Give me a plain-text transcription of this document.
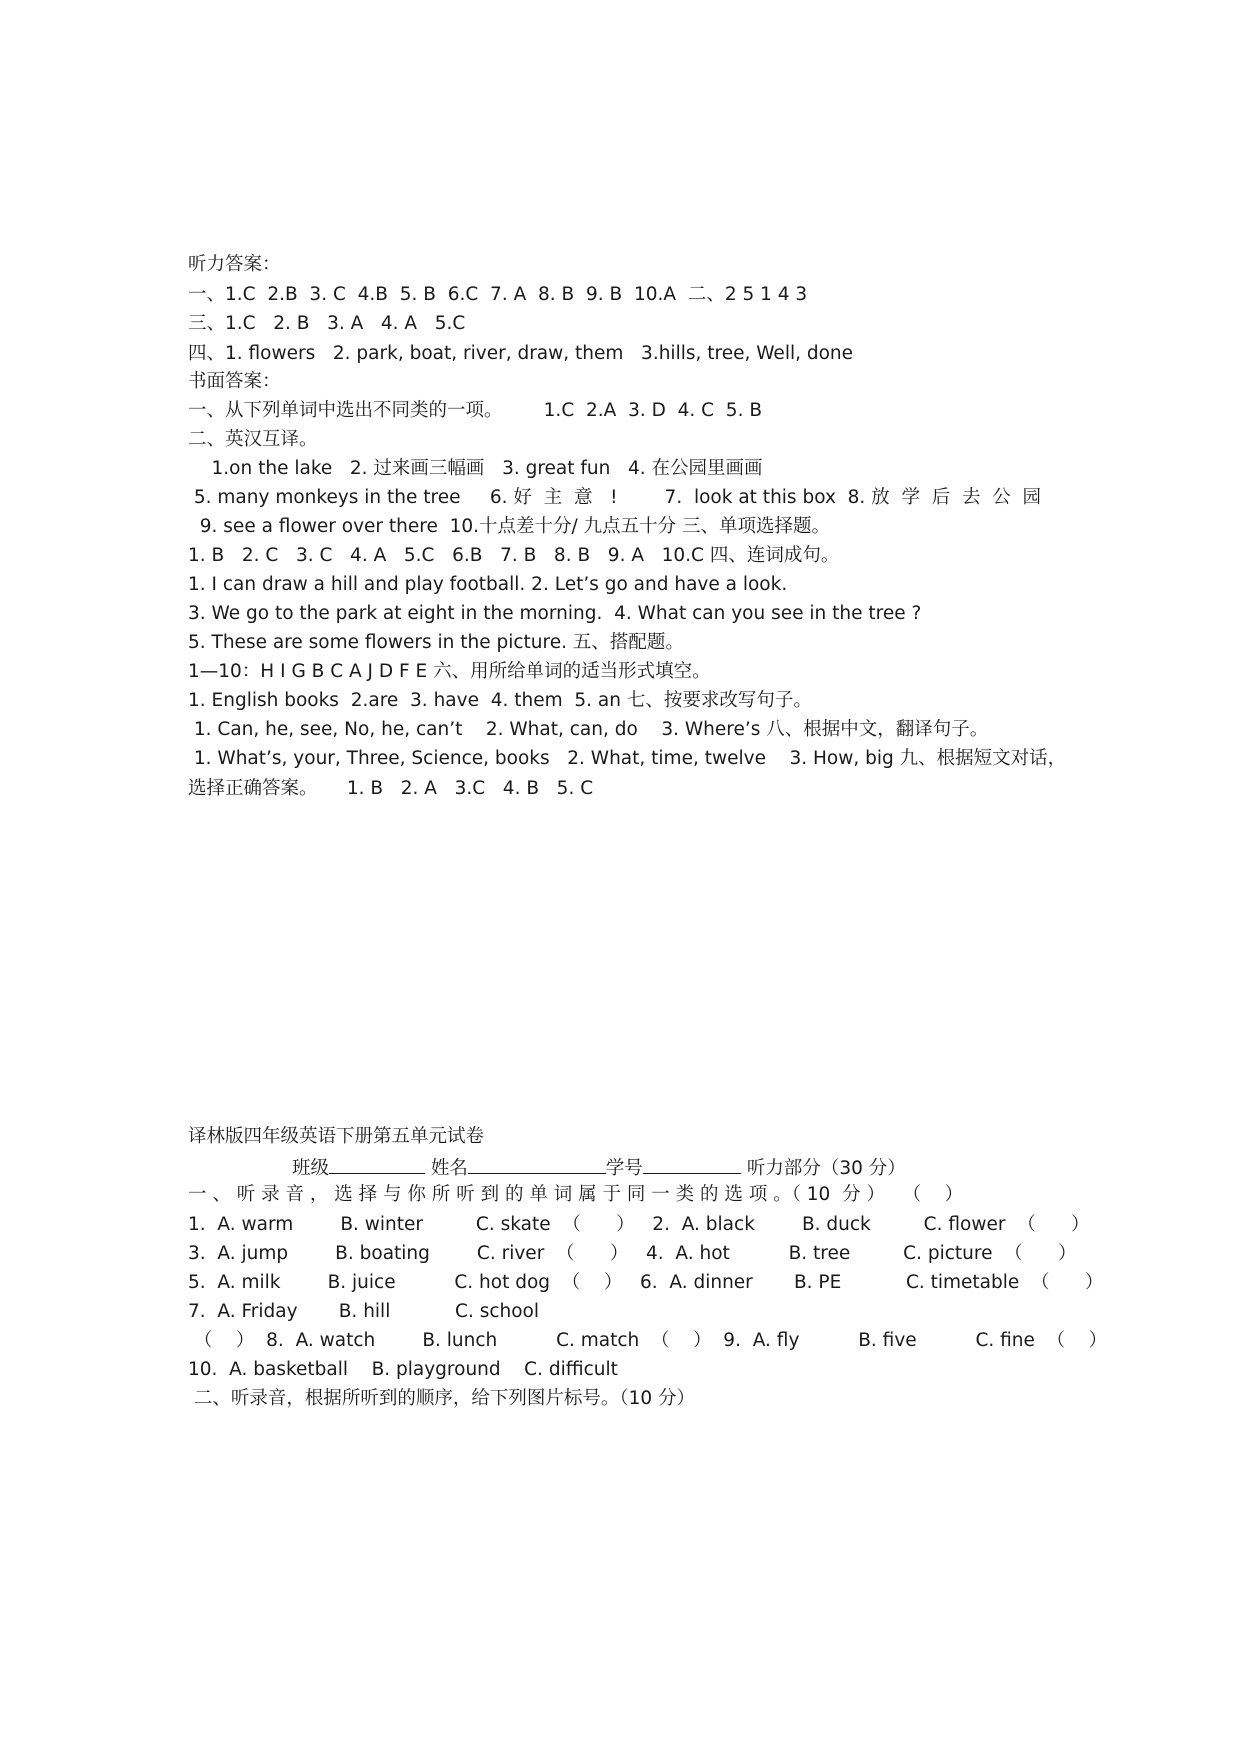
听力答案：
一、1.C  2.B  3. C  4.B  5. B  6.C  7. A  8. B  9. B  10.A  二、2 5 1 4 3
三、1.C   2. B   3. A   4. A   5.C
四、1. flowers   2. park, boat, river, draw, them   3.hills, tree, Well, done
书面答案：
一、从下列单词中选出不同类的一项。       1.C  2.A  3. D  4. C  5. B
二、英汉互译。
1.on the lake   2. 过来画三幅画   3. great fun   4. 在公园里画画
5. many monkeys in the tree     6. 好  主  意   !        7.  look at this box  8. 放  学  后  去  公  园
9. see a flower over there  10.十点差十分/ 九点五十分 三、单项选择题。
1. B   2. C   3. C   4. A   5.C   6.B   7. B   8. B   9. A   10.C 四、连词成句。
1. I can draw a hill and play football. 2. Let’s go and have a look.
3. We go to the park at eight in the morning.  4. What can you see in the tree ?
5. These are some flowers in the picture. 五、搭配题。
1—10：H I G B C A J D F E 六、用所给单词的适当形式填空。
1. English books  2.are  3. have  4. them  5. an 七、按要求改写句子。
1. Can, he, see, No, he, can’t    2. What, can, do    3. Where’s 八、根据中文，翻译句子。
1. What’s, your, Three, Science, books   2. What, time, twelve    3. How, big 九、根据短文对话，
选择正确答案。     1. B   2. A   3.C   4. B   5. C
译林版四年级英语下册第五单元试卷
班级	姓名	学号	听力部分（30 分）
一 、 听 录 音 ， 选 择 与 你 所 听 到 的 单 词 属 于 同 一 类 的 选 项 。（ 10  分 ）   （    ）
1.  A. warm        B. winter         C. skate  （      ）   2.  A. black        B. duck         C. flower  （      ）
3.  A. jump        B. boating        C. river  （      ）   4.  A. hot          B. tree         C. picture  （      ）
5.  A. milk        B. juice          C. hot dog  （    ）   6.  A. dinner       B. PE           C. timetable  （      ）
7.  A. Friday       B. hill           C. school
（    ）  8.  A. watch        B. lunch          C. match  （    ）  9.  A. fly          B. five          C. fine  （    ）
10.  A. basketball    B. playground    C. difficult
二、听录音，根据所听到的顺序，给下列图片标号。（10 分）
